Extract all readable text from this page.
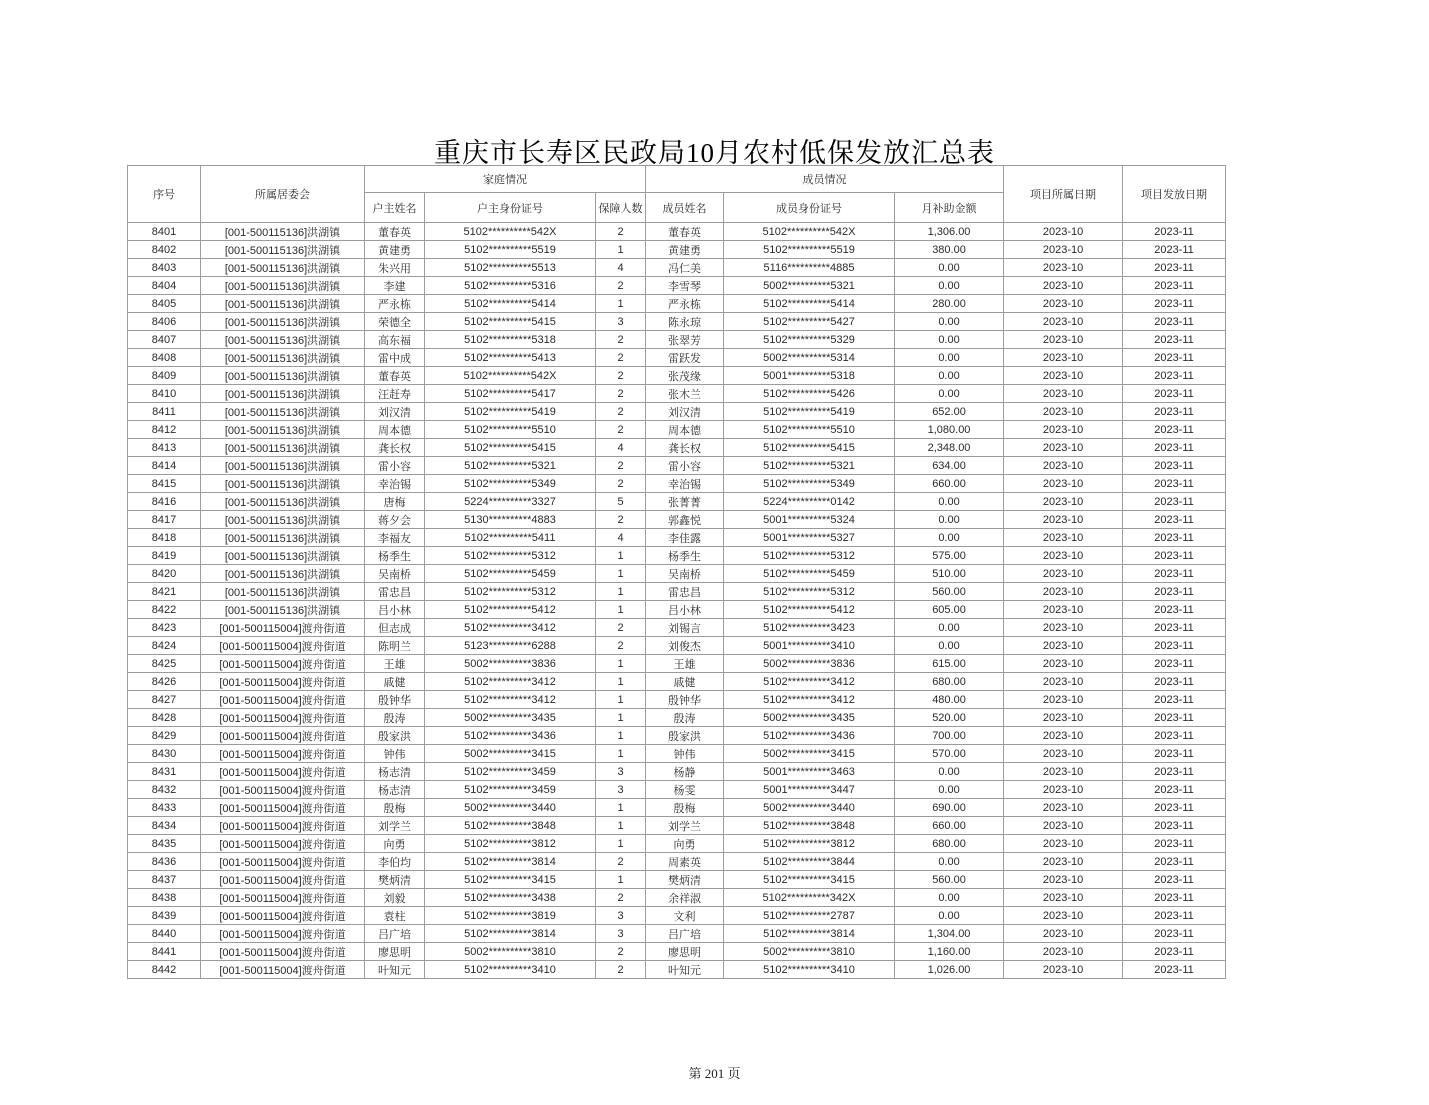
重庆市长寿区民政局10月农村低保发放汇总表
序号	所属居委会	家庭情况			成员情况			项目所属日期	项目发放日期
		户主姓名	户主身份证号	保障人数	成员姓名	成员身份证号	月补助金额		
8401	[001-500115136]洪湖镇	董春英	5102**********542X	2	董春英	5102**********542X	1,306.00	2023-10	2023-11
8402	[001-500115136]洪湖镇	黄建勇	5102**********5519	1	黄建勇	5102**********5519	380.00	2023-10	2023-11
8403	[001-500115136]洪湖镇	朱兴用	5102**********5513	4	冯仁美	5116**********4885	0.00	2023-10	2023-11
8404	[001-500115136]洪湖镇	李建	5102**********5316	2	李雪琴	5002**********5321	0.00	2023-10	2023-11
8405	[001-500115136]洪湖镇	严永栋	5102**********5414	1	严永栋	5102**********5414	280.00	2023-10	2023-11
8406	[001-500115136]洪湖镇	荣德全	5102**********5415	3	陈永琼	5102**********5427	0.00	2023-10	2023-11
8407	[001-500115136]洪湖镇	高东福	5102**********5318	2	张翠芳	5102**********5329	0.00	2023-10	2023-11
8408	[001-500115136]洪湖镇	雷中成	5102**********5413	2	雷跃发	5002**********5314	0.00	2023-10	2023-11
8409	[001-500115136]洪湖镇	董春英	5102**********542X	2	张茂缘	5001**********5318	0.00	2023-10	2023-11
8410	[001-500115136]洪湖镇	汪赶寿	5102**********5417	2	张木兰	5102**********5426	0.00	2023-10	2023-11
8411	[001-500115136]洪湖镇	刘汉清	5102**********5419	2	刘汉清	5102**********5419	652.00	2023-10	2023-11
8412	[001-500115136]洪湖镇	周本德	5102**********5510	2	周本德	5102**********5510	1,080.00	2023-10	2023-11
8413	[001-500115136]洪湖镇	龚长权	5102**********5415	4	龚长权	5102**********5415	2,348.00	2023-10	2023-11
8414	[001-500115136]洪湖镇	雷小容	5102**********5321	2	雷小容	5102**********5321	634.00	2023-10	2023-11
8415	[001-500115136]洪湖镇	幸治锡	5102**********5349	2	幸治锡	5102**********5349	660.00	2023-10	2023-11
8416	[001-500115136]洪湖镇	唐梅	5224**********3327	5	张菁菁	5224**********0142	0.00	2023-10	2023-11
8417	[001-500115136]洪湖镇	蒋夕会	5130**********4883	2	郭鑫悦	5001**********5324	0.00	2023-10	2023-11
8418	[001-500115136]洪湖镇	李福友	5102**********5411	4	李佳露	5001**********5327	0.00	2023-10	2023-11
8419	[001-500115136]洪湖镇	杨季生	5102**********5312	1	杨季生	5102**********5312	575.00	2023-10	2023-11
8420	[001-500115136]洪湖镇	吴南桥	5102**********5459	1	吴南桥	5102**********5459	510.00	2023-10	2023-11
8421	[001-500115136]洪湖镇	雷忠昌	5102**********5312	1	雷忠昌	5102**********5312	560.00	2023-10	2023-11
8422	[001-500115136]洪湖镇	吕小林	5102**********5412	1	吕小林	5102**********5412	605.00	2023-10	2023-11
8423	[001-500115004]渡舟街道	但志成	5102**********3412	2	刘锡言	5102**********3423	0.00	2023-10	2023-11
8424	[001-500115004]渡舟街道	陈明兰	5123**********6288	2	刘俊杰	5001**********3410	0.00	2023-10	2023-11
8425	[001-500115004]渡舟街道	王雄	5002**********3836	1	王雄	5002**********3836	615.00	2023-10	2023-11
8426	[001-500115004]渡舟街道	戚健	5102**********3412	1	戚健	5102**********3412	680.00	2023-10	2023-11
8427	[001-500115004]渡舟街道	殷钟华	5102**********3412	1	殷钟华	5102**********3412	480.00	2023-10	2023-11
8428	[001-500115004]渡舟街道	殷涛	5002**********3435	1	殷涛	5002**********3435	520.00	2023-10	2023-11
8429	[001-500115004]渡舟街道	殷家洪	5102**********3436	1	殷家洪	5102**********3436	700.00	2023-10	2023-11
8430	[001-500115004]渡舟街道	钟伟	5002**********3415	1	钟伟	5002**********3415	570.00	2023-10	2023-11
8431	[001-500115004]渡舟街道	杨志清	5102**********3459	3	杨静	5001**********3463	0.00	2023-10	2023-11
8432	[001-500115004]渡舟街道	杨志清	5102**********3459	3	杨雯	5001**********3447	0.00	2023-10	2023-11
8433	[001-500115004]渡舟街道	殷梅	5002**********3440	1	殷梅	5002**********3440	690.00	2023-10	2023-11
8434	[001-500115004]渡舟街道	刘学兰	5102**********3848	1	刘学兰	5102**********3848	660.00	2023-10	2023-11
8435	[001-500115004]渡舟街道	向勇	5102**********3812	1	向勇	5102**********3812	680.00	2023-10	2023-11
8436	[001-500115004]渡舟街道	李伯均	5102**********3814	2	周素英	5102**********3844	0.00	2023-10	2023-11
8437	[001-500115004]渡舟街道	樊炳清	5102**********3415	1	樊炳清	5102**********3415	560.00	2023-10	2023-11
8438	[001-500115004]渡舟街道	刘毅	5102**********3438	2	余祥淑	5102**********342X	0.00	2023-10	2023-11
8439	[001-500115004]渡舟街道	袁柱	5102**********3819	3	文利	5102**********2787	0.00	2023-10	2023-11
8440	[001-500115004]渡舟街道	吕广培	5102**********3814	3	吕广培	5102**********3814	1,304.00	2023-10	2023-11
8441	[001-500115004]渡舟街道	廖思明	5002**********3810	2	廖思明	5002**********3810	1,160.00	2023-10	2023-11
8442	[001-500115004]渡舟街道	叶知元	5102**********3410	2	叶知元	5102**********3410	1,026.00	2023-10	2023-11
第 201 页
